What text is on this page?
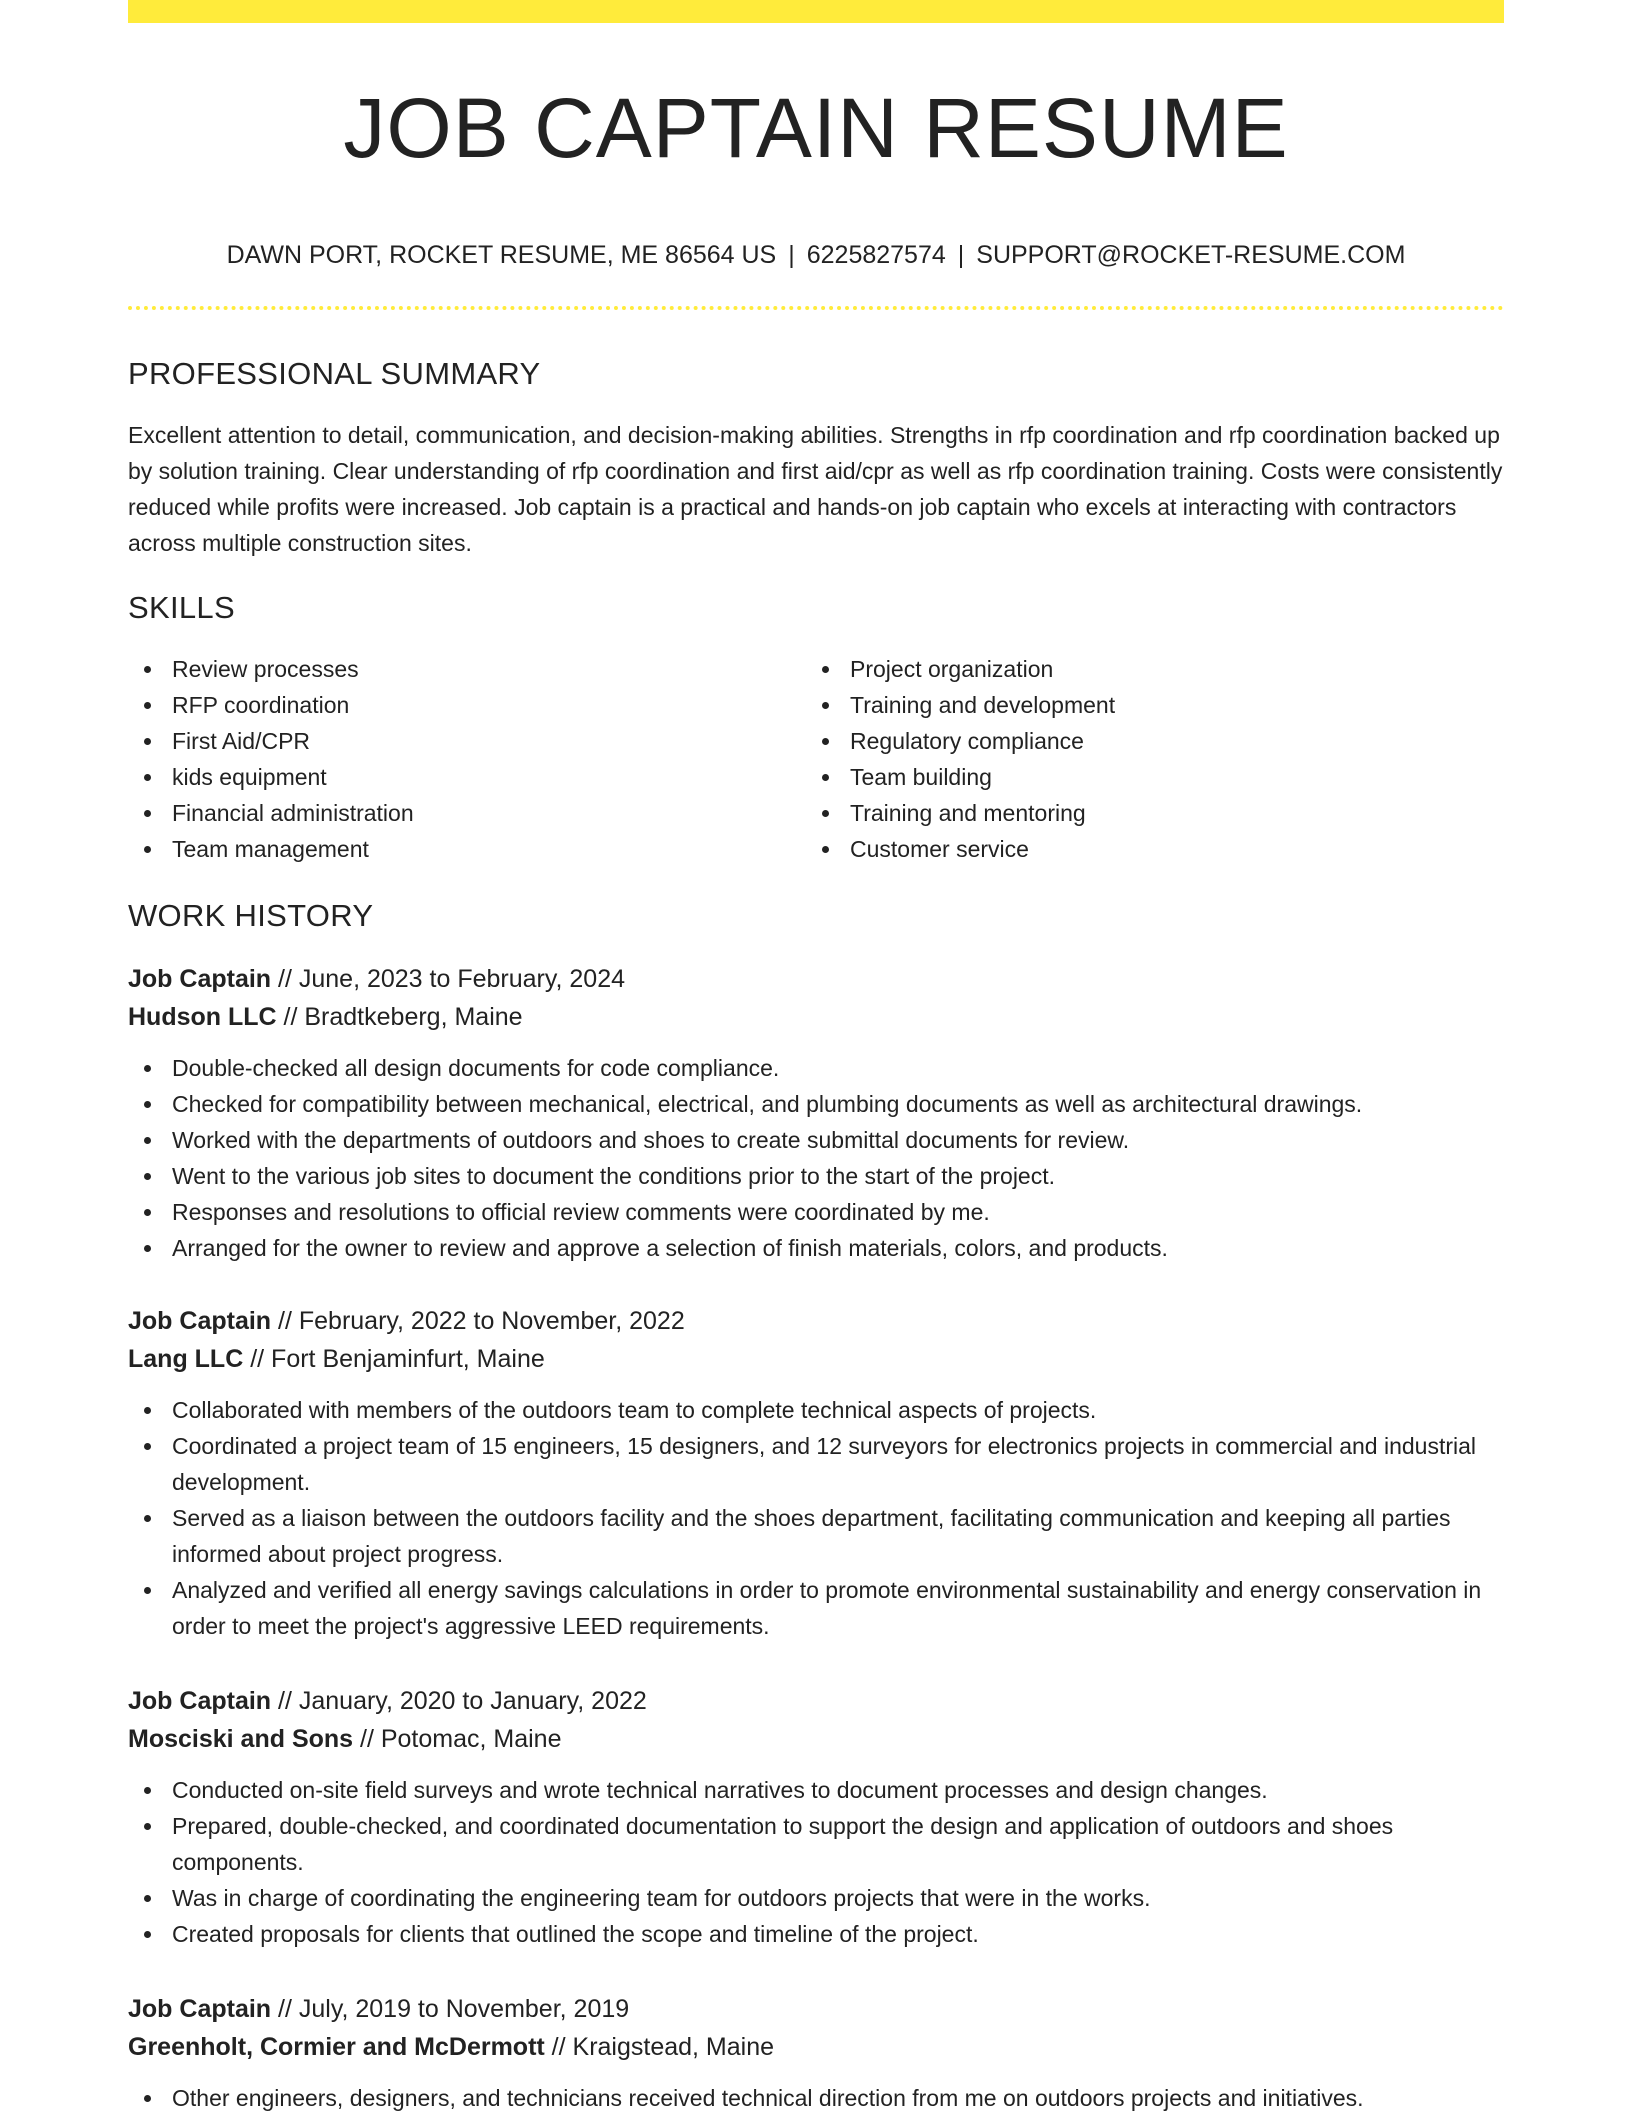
JOB CAPTAIN RESUME
DAWN PORT, ROCKET RESUME, ME 86564 US | 6225827574 | SUPPORT@ROCKET-RESUME.COM
PROFESSIONAL SUMMARY

Excellent attention to detail, communication, and decision-making abilities. Strengths in rfp coordination and rfp coordination backed up by solution training. Clear understanding of rfp coordination and first aid/cpr as well as rfp coordination training. Costs were consistently reduced while profits were increased. Job captain is a practical and hands-on job captain who excels at interacting with contractors across multiple construction sites.

SKILLS
Review processes
RFP coordination
First Aid/CPR
kids equipment
Financial administration
Team management
Project organization
Training and development
Regulatory compliance
Team building
Training and mentoring
Customer service
WORK HISTORY
Job Captain // June, 2023 to February, 2024
Hudson LLC // Bradtkeberg, Maine
Double-checked all design documents for code compliance.
Checked for compatibility between mechanical, electrical, and plumbing documents as well as architectural drawings.
Worked with the departments of outdoors and shoes to create submittal documents for review.
Went to the various job sites to document the conditions prior to the start of the project.
Responses and resolutions to official review comments were coordinated by me.
Arranged for the owner to review and approve a selection of finish materials, colors, and products.
Job Captain // February, 2022 to November, 2022
Lang LLC // Fort Benjaminfurt, Maine
Collaborated with members of the outdoors team to complete technical aspects of projects.
Coordinated a project team of 15 engineers, 15 designers, and 12 surveyors for electronics projects in commercial and industrial development.
Served as a liaison between the outdoors facility and the shoes department, facilitating communication and keeping all parties informed about project progress.
Analyzed and verified all energy savings calculations in order to promote environmental sustainability and energy conservation in order to meet the project's aggressive LEED requirements.
Job Captain // January, 2020 to January, 2022
Mosciski and Sons // Potomac, Maine
Conducted on-site field surveys and wrote technical narratives to document processes and design changes.
Prepared, double-checked, and coordinated documentation to support the design and application of outdoors and shoes components.
Was in charge of coordinating the engineering team for outdoors projects that were in the works.
Created proposals for clients that outlined the scope and timeline of the project.
Job Captain // July, 2019 to November, 2019
Greenholt, Cormier and McDermott // Kraigstead, Maine
Other engineers, designers, and technicians received technical direction from me on outdoors projects and initiatives.
